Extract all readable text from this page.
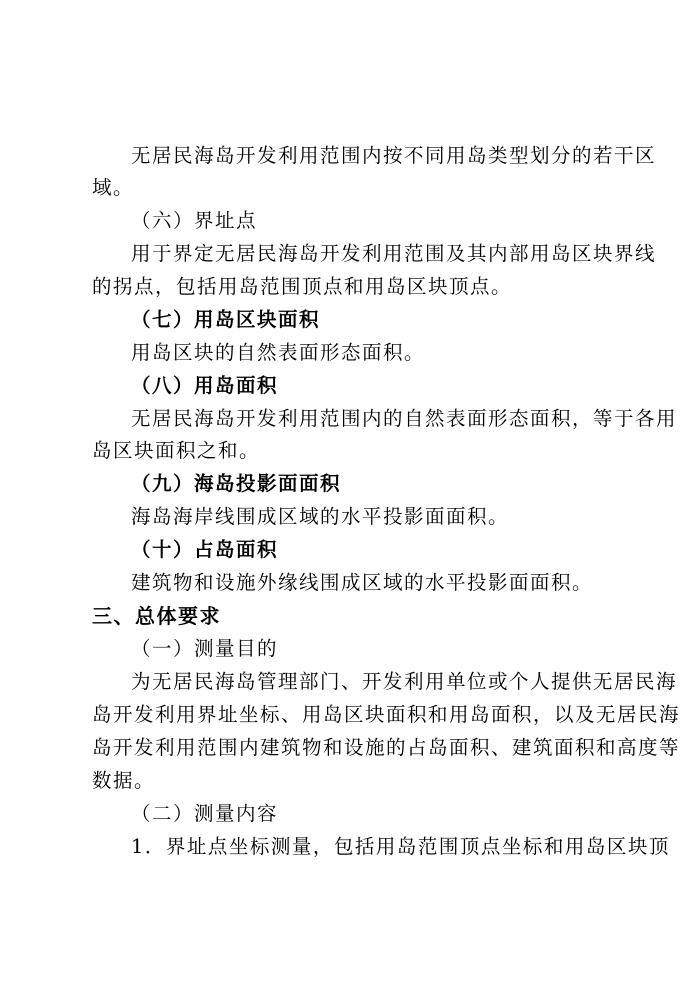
无居民海岛开发利用范围内按不同用岛类型划分的若干区
域。
（六）界址点
用于界定无居民海岛开发利用范围及其内部用岛区块界线
的拐点，包括用岛范围顶点和用岛区块顶点。
（七）用岛区块面积
用岛区块的自然表面形态面积。
（八）用岛面积
无居民海岛开发利用范围内的自然表面形态面积，等于各用
岛区块面积之和。
（九）海岛投影面面积
海岛海岸线围成区域的水平投影面面积。
（十）占岛面积
建筑物和设施外缘线围成区域的水平投影面面积。
三、总体要求
（一）测量目的
为无居民海岛管理部门、开发利用单位或个人提供无居民海
岛开发利用界址坐标、用岛区块面积和用岛面积，以及无居民海
岛开发利用范围内建筑物和设施的占岛面积、建筑面积和高度等
数据。
（二）测量内容
1．界址点坐标测量，包括用岛范围顶点坐标和用岛区块顶
